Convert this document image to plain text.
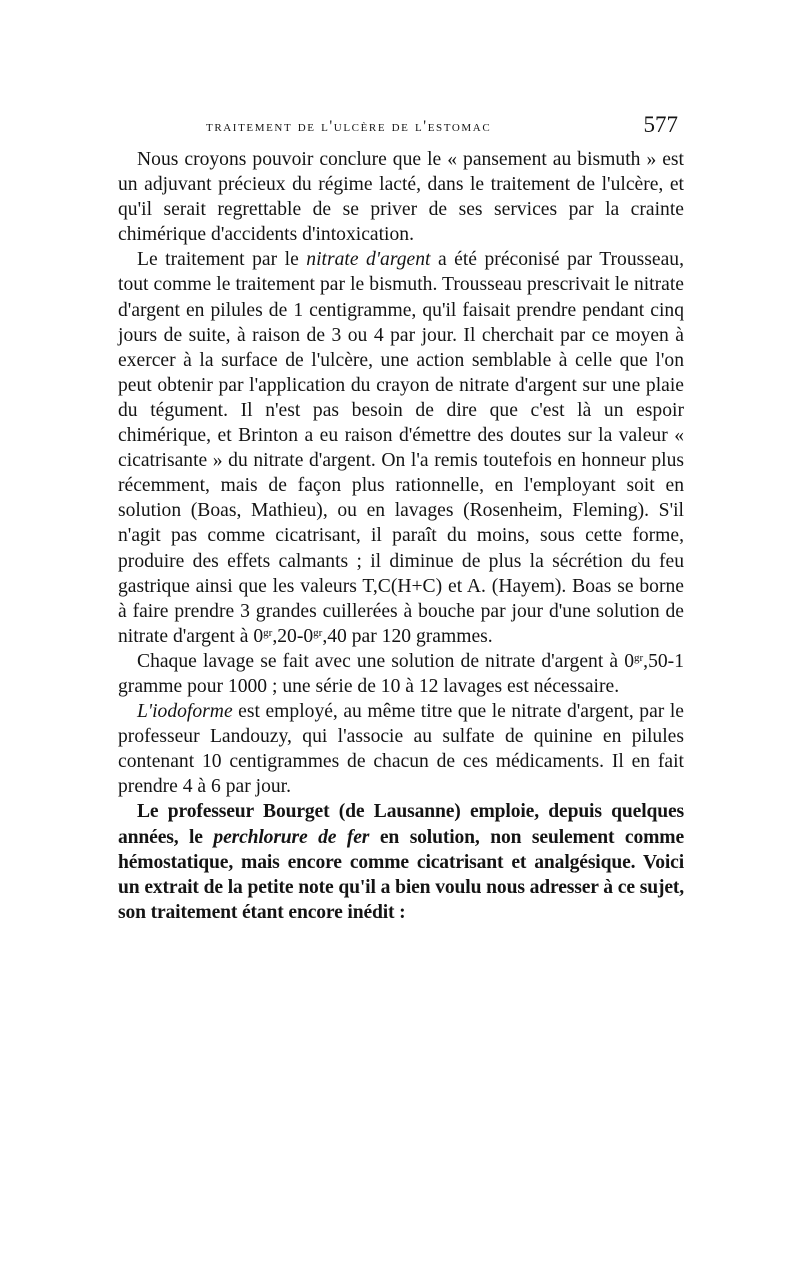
traitement de l'ulcère de l'estomac	577

Nous croyons pouvoir conclure que le « pansement au bismuth » est un adjuvant précieux du régime lacté, dans le traitement de l'ulcère, et qu'il serait regrettable de se priver de ses services par la crainte chimérique d'accidents d'intoxication.

Le traitement par le nitrate d'argent a été préconisé par Trousseau, tout comme le traitement par le bismuth. Trousseau prescrivait le nitrate d'argent en pilules de 1 centigramme, qu'il faisait prendre pendant cinq jours de suite, à raison de 3 ou 4 par jour. Il cherchait par ce moyen à exercer à la surface de l'ulcère, une action semblable à celle que l'on peut obtenir par l'application du crayon de nitrate d'argent sur une plaie du tégument. Il n'est pas besoin de dire que c'est là un espoir chimérique, et Brinton a eu raison d'émettre des doutes sur la valeur « cicatrisante » du nitrate d'argent. On l'a remis toutefois en honneur plus récemment, mais de façon plus rationnelle, en l'employant soit en solution (Boas, Mathieu), ou en lavages (Rosenheim, Fleming). S'il n'agit pas comme cicatrisant, il paraît du moins, sous cette forme, produire des effets calmants ; il diminue de plus la sécrétion du feu gastrique ainsi que les valeurs T,C(H+C) et A. (Hayem). Boas se borne à faire prendre 3 grandes cuillerées à bouche par jour d'une solution de nitrate d'argent à $0^{gr},20-0^{gr},40$ par 120 grammes.

Chaque lavage se fait avec une solution de nitrate d'argent à $0^{gr},50-1$ gramme pour 1000 ; une série de 10 à 12 lavages est nécessaire.

L'iodoforme est employé, au même titre que le nitrate d'argent, par le professeur Landouzy, qui l'associe au sulfate de quinine en pilules contenant 10 centigrammes de chacun de ces médicaments. Il en fait prendre 4 à 6 par jour.

Le professeur Bourget (de Lausanne) emploie, depuis quelques années, le perchlorure de fer en solution, non seulement comme hémostatique, mais encore comme cicatrisant et analgésique. Voici un extrait de la petite note qu'il a bien voulu nous adresser à ce sujet, son traitement étant encore inédit :
